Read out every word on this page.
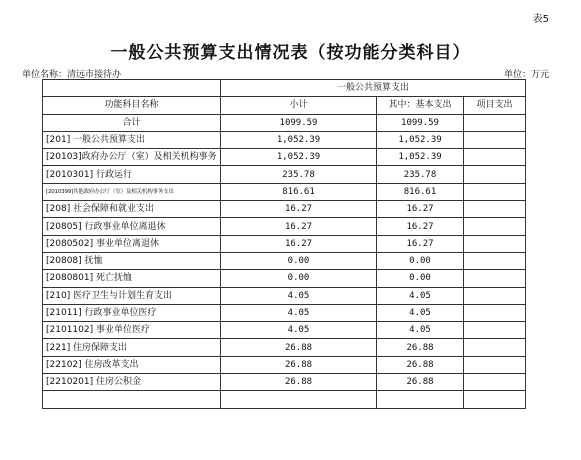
表5
一般公共预算支出情况表（按功能分类科目）
单位名称：清远市接待办	单位：万元
	一般公共预算支出		
功能科目名称	小计	其中：基本支出	项目支出
合计	1099.59	1099.59	
[201] 一般公共预算支出	1,052.39	1,052.39	
[20103]政府办公厅（室）及相关机构事务	1,052.39	1,052.39	
[2010301] 行政运行	235.78	235.78	
[2010399]其他政府办公厅（室）及相关机构事务支出	816.61	816.61	
[208] 社会保障和就业支出	16.27	16.27	
[20805] 行政事业单位离退休	16.27	16.27	
[2080502] 事业单位离退休	16.27	16.27	
[20808] 抚恤	0.00	0.00	
[2080801] 死亡抚恤	0.00	0.00	
[210] 医疗卫生与计划生育支出	4.05	4.05	
[21011] 行政事业单位医疗	4.05	4.05	
[2101102] 事业单位医疗	4.05	4.05	
[221] 住房保障支出	26.88	26.88	
[22102] 住房改革支出	26.88	26.88	
[2210201] 住房公积金	26.88	26.88	
